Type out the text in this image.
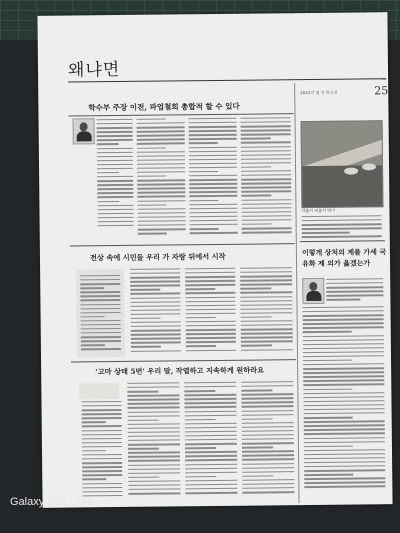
왜냐면
2024년 월 일 화요일	25
학수부 주장 이전, 파업철회 총합적 할 수 있다
서울시 비둘기 먹이
이렇게 상처의 제를 가세 국유화 제 의가 옳겠는가
전상 속에 시민들 우리 가 자랑 뒤에서 시작
‘고마 상태 5번’ 우리 말, 작열하고 지속하게 원하라요
Galaxy S25 Ultra
